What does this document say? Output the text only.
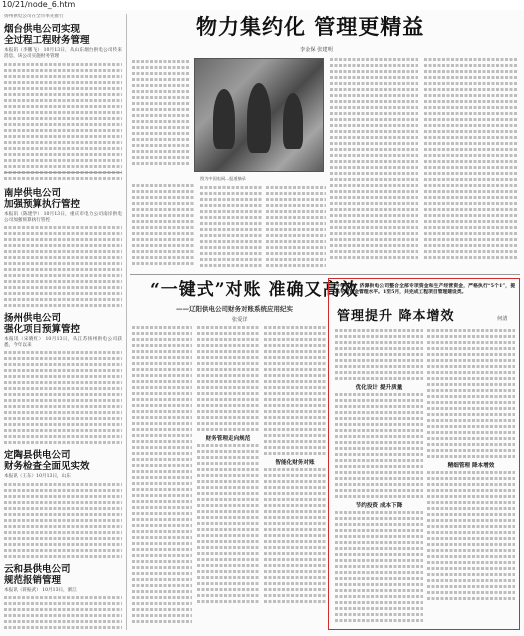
10/21/node_6.htm
扬州供电公司在全市率先推行
烟台供电公司实现
全过程工程财务管理
本报讯（李鹏飞） 10月13日，从山东烟台供电公司传来消息，该公司实施财务管理
南岸供电公司
加强预算执行管控
本报讯（陈建学） 10月13日，重庆市电力公司南岸供电公司加强预算执行管控
扬州供电公司
强化项目预算管控
本报讯（宋晓红） 10月13日，从江苏扬州供电公司获悉，今年以来
定陶县供电公司
财务检查全面见实效
本报讯（王东）10月13日，山东
云和县供电公司
规范报销管理
本报讯（蒋振武） 10月13日，浙江
物力集约化 管理更精益
李金保 张建明
图为中国电网...报道摘录
“一键式”对账 准确又高效
——辽阳供电公司财务对账系统应用纪实
张爱洋
财务管理走向规范
智能化财务对账
今年以来，济源供电公司整合全部专项资金和生产经营资金，严格执行“5个1”，提高专项资金管理水平。1至5月，共完成工程项目管理建设类。
管理提升 降本增效	何清
优化设计 提升质量
节约投资 成本下降
精细管理 降本增效
